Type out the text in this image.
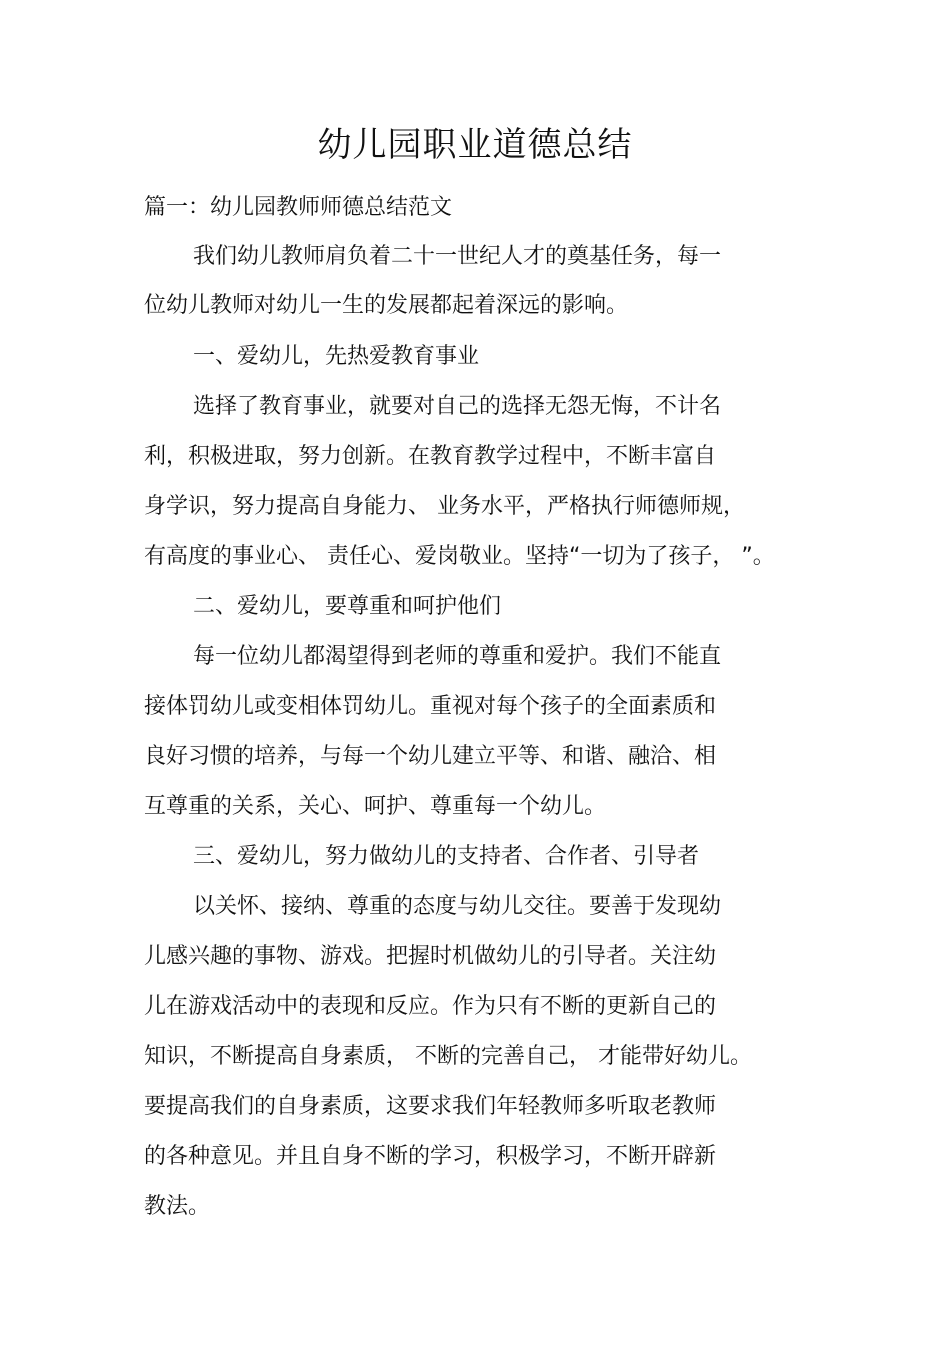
幼儿园职业道德总结

篇一：幼儿园教师师德总结范文

我们幼儿教师肩负着二十一世纪人才的奠基任务，每一

位幼儿教师对幼儿一生的发展都起着深远的影响。

一、爱幼儿，先热爱教育事业

选择了教育事业，就要对自己的选择无怨无悔，不计名

利，积极进取，努力创新。在教育教学过程中，不断丰富自

身学识，努力提高自身能力、 业务水平，严格执行师德师规，

有高度的事业心、 责任心、爱岗敬业。坚持“一切为了孩子， ”。

二、爱幼儿，要尊重和呵护他们

每一位幼儿都渴望得到老师的尊重和爱护。我们不能直

接体罚幼儿或变相体罚幼儿。重视对每个孩子的全面素质和

良好习惯的培养，与每一个幼儿建立平等、和谐、融洽、相

互尊重的关系，关心、呵护、尊重每一个幼儿。

三、爱幼儿，努力做幼儿的支持者、合作者、引导者

以关怀、接纳、尊重的态度与幼儿交往。要善于发现幼

儿感兴趣的事物、游戏。把握时机做幼儿的引导者。关注幼

儿在游戏活动中的表现和反应。作为只有不断的更新自己的

知识，不断提高自身素质， 不断的完善自己， 才能带好幼儿。

要提高我们的自身素质，这要求我们年轻教师多听取老教师

的各种意见。并且自身不断的学习，积极学习，不断开辟新

教法。
